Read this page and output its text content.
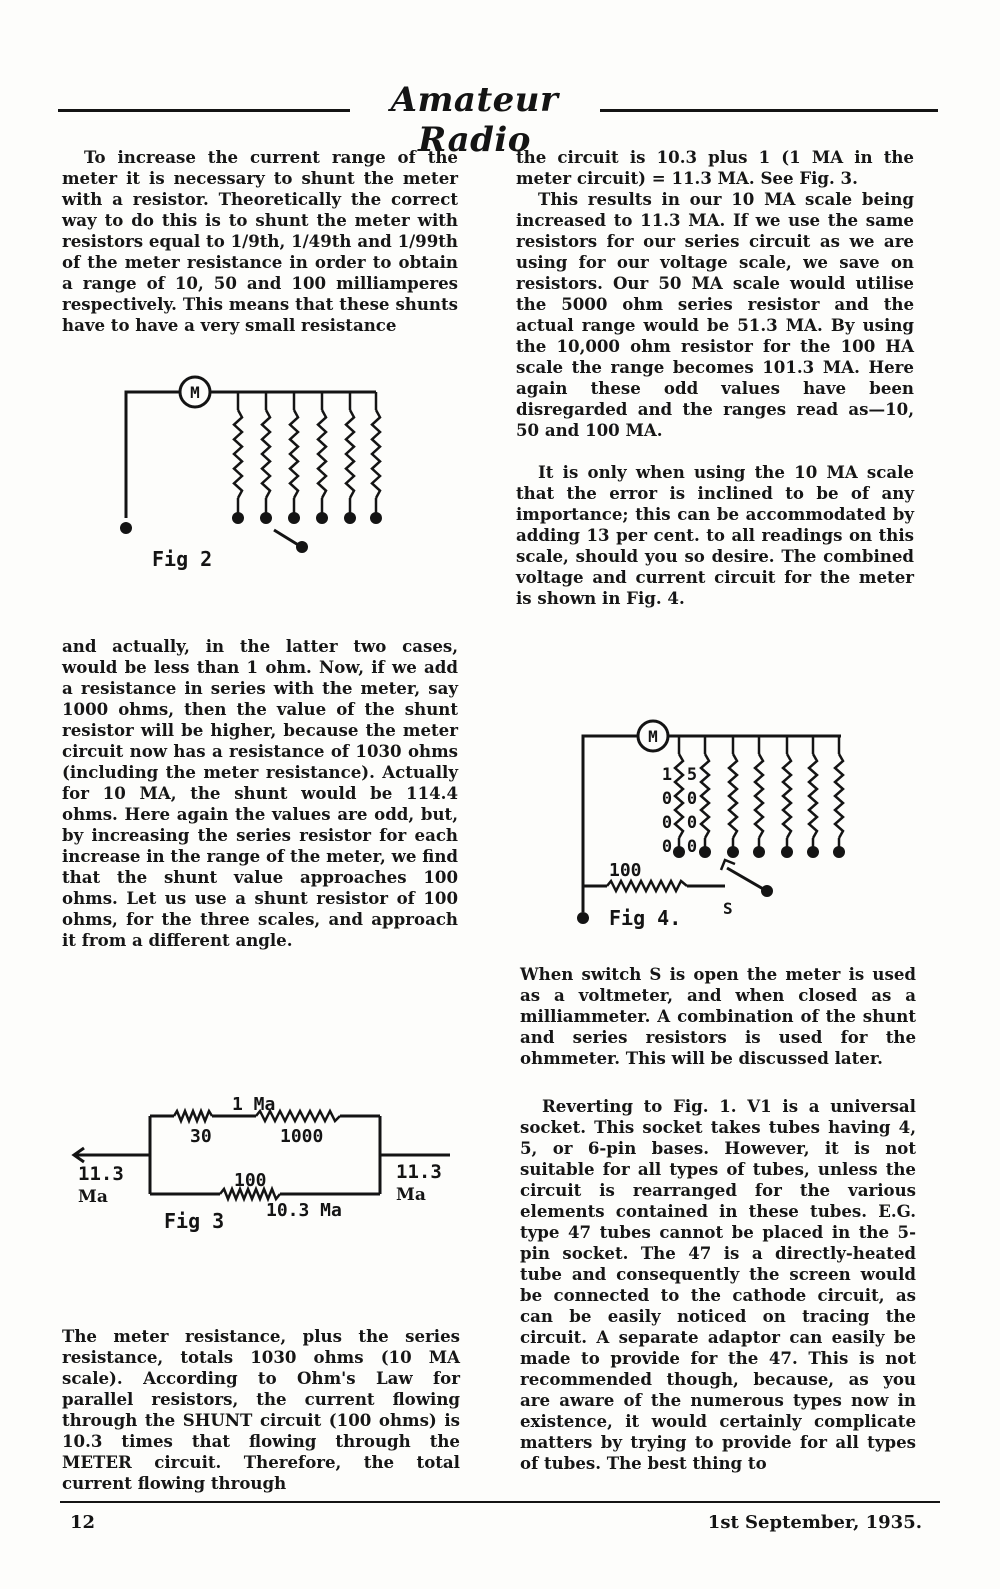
Amateur Radio

To increase the current range of the meter it is necessary to shunt the meter with a resistor. Theoretically the correct way to do this is to shunt the meter with resistors equal to 1/9th, 1/49th and 1/99th of the meter resistance in order to obtain a range of 10, 50 and 100 milliamperes respectively. This means that these shunts have to have a very small resistance

M
Fig 2

and actually, in the latter two cases, would be less than 1 ohm. Now, if we add a resistance in series with the meter, say 1000 ohms, then the value of the shunt resistor will be higher, because the meter circuit now has a resistance of 1030 ohms (including the meter resistance). Actually for 10 MA, the shunt would be 114.4 ohms. Here again the values are odd, but, by increasing the series resistor for each increase in the range of the meter, we find that the shunt value approaches 100 ohms. Let us use a shunt resistor of 100 ohms, for the three scales, and approach it from a different angle.

1 Ma
30	1000
100
10.3 Ma
11.3
Ma
11.3
Ma
Fig 3

The meter resistance, plus the series resistance, totals 1030 ohms (10 MA scale). According to Ohm's Law for parallel resistors, the current flowing through the SHUNT circuit (100 ohms) is 10.3 times that flowing through the METER circuit. Therefore, the total current flowing through

the circuit is 10.3 plus 1 (1 MA in the meter circuit) = 11.3 MA. See Fig. 3.

This results in our 10 MA scale being increased to 11.3 MA. If we use the same resistors for our series circuit as we are using for our voltage scale, we save on resistors. Our 50 MA scale would utilise the 5000 ohm series resistor and the actual range would be 51.3 MA. By using the 10,000 ohm resistor for the 100 HA scale the range becomes 101.3 MA. Here again these odd values have been disregarded and the ranges read as—10, 50 and 100 MA.

It is only when using the 10 MA scale that the error is inclined to be of any importance; this can be accommodated by adding 13 per cent. to all readings on this scale, should you so desire. The combined voltage and current circuit for the meter is shown in Fig. 4.

M
1
0
0
0
5
0
0
0
100
S
Fig 4.

When switch S is open the meter is used as a voltmeter, and when closed as a milliammeter. A combination of the shunt and series resistors is used for the ohmmeter. This will be discussed later.

Reverting to Fig. 1. V1 is a universal socket. This socket takes tubes having 4, 5, or 6-pin bases. However, it is not suitable for all types of tubes, unless the circuit is rearranged for the various elements contained in these tubes. E.G. type 47 tubes cannot be placed in the 5-pin socket. The 47 is a directly-heated tube and consequently the screen would be connected to the cathode circuit, as can be easily noticed on tracing the circuit. A separate adaptor can easily be made to provide for the 47. This is not recommended though, because, as you are aware of the numerous types now in existence, it would certainly complicate matters by trying to provide for all types of tubes. The best thing to

12	1st September, 1935.
